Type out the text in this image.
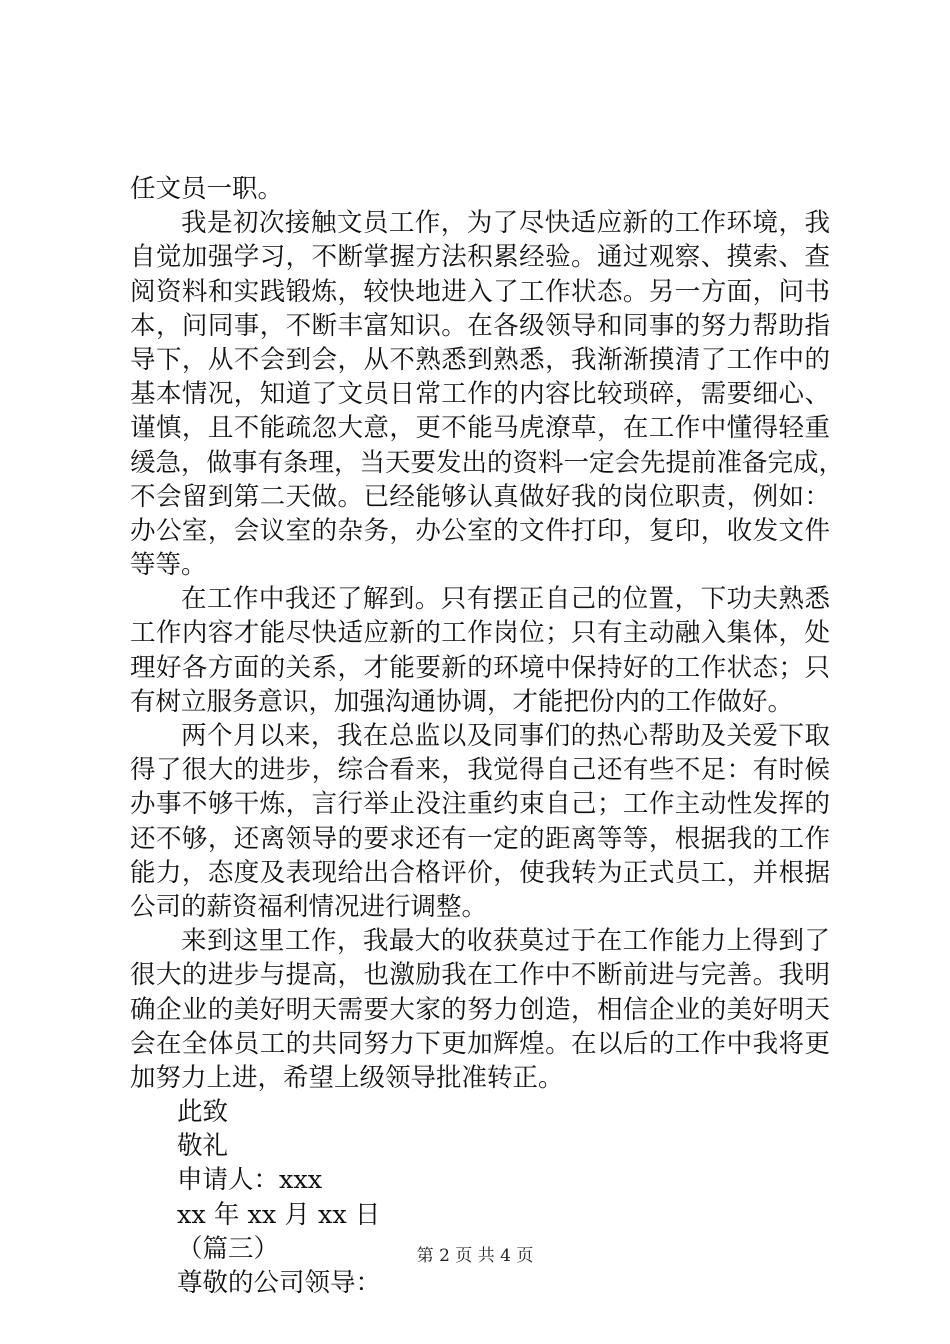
任文员一职。
我是初次接触文员工作，为了尽快适应新的工作环境，我
自觉加强学习，不断掌握方法积累经验。通过观察、摸索、查
阅资料和实践锻炼，较快地进入了工作状态。另一方面，问书
本，问同事，不断丰富知识。在各级领导和同事的努力帮助指
导下，从不会到会，从不熟悉到熟悉，我渐渐摸清了工作中的
基本情况，知道了文员日常工作的内容比较琐碎，需要细心、
谨慎，且不能疏忽大意，更不能马虎潦草，在工作中懂得轻重
缓急，做事有条理，当天要发出的资料一定会先提前准备完成，
不会留到第二天做。已经能够认真做好我的岗位职责，例如：
办公室，会议室的杂务，办公室的文件打印，复印，收发文件
等等。
在工作中我还了解到。只有摆正自己的位置，下功夫熟悉
工作内容才能尽快适应新的工作岗位；只有主动融入集体，处
理好各方面的关系，才能要新的环境中保持好的工作状态；只
有树立服务意识，加强沟通协调，才能把份内的工作做好。
两个月以来，我在总监以及同事们的热心帮助及关爱下取
得了很大的进步，综合看来，我觉得自己还有些不足：有时候
办事不够干炼，言行举止没注重约束自己；工作主动性发挥的
还不够，还离领导的要求还有一定的距离等等，根据我的工作
能力，态度及表现给出合格评价，使我转为正式员工，并根据
公司的薪资福利情况进行调整。
来到这里工作，我最大的收获莫过于在工作能力上得到了
很大的进步与提高，也激励我在工作中不断前进与完善。我明
确企业的美好明天需要大家的努力创造，相信企业的美好明天
会在全体员工的共同努力下更加辉煌。在以后的工作中我将更
加努力上进，希望上级领导批准转正。
此致
敬礼
申请人：xxx
xx 年 xx 月 xx 日
（篇三）
尊敬的公司领导：
第 2 页 共 4 页
